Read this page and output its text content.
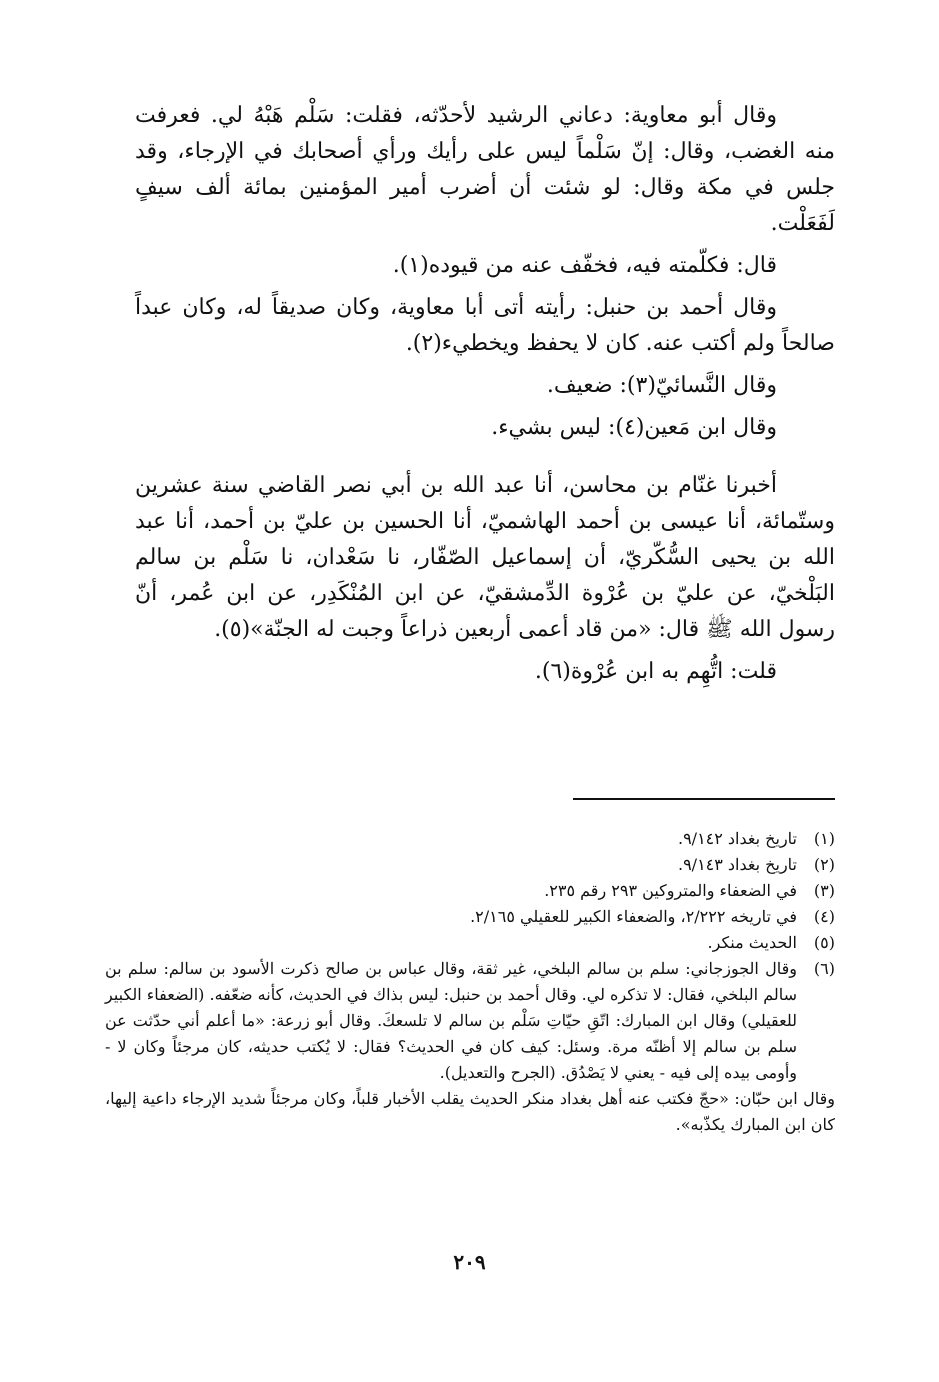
وقال أبو معاوية: دعاني الرشيد لأحدّثه، فقلت: سَلْم هَبْهُ لي. فعرفت منه الغضب، وقال: إنّ سَلْماً ليس على رأيك ورأي أصحابك في الإرجاء، وقد جلس في مكة وقال: لو شئت أن أضرب أمير المؤمنين بمائة ألف سيفٍ لَفَعَلْت.

قال: فكلّمته فيه، فخفّف عنه من قيوده(١).

وقال أحمد بن حنبل: رأيته أتى أبا معاوية، وكان صديقاً له، وكان عبداً صالحاً ولم أكتب عنه. كان لا يحفظ ويخطيء(٢).

وقال النَّسائيّ(٣): ضعيف.

وقال ابن مَعين(٤): ليس بشيء.

أخبرنا غنّام بن محاسن، أنا عبد الله بن أبي نصر القاضي سنة عشرين وستّمائة، أنا عيسى بن أحمد الهاشميّ، أنا الحسين بن عليّ بن أحمد، أنا عبد الله بن يحيى السُّكّريّ، أن إسماعيل الصّفّار، نا سَعْدان، نا سَلْم بن سالم البَلْخيّ، عن عليّ بن عُرْوة الدِّمشقيّ، عن ابن المُنْكَدِر، عن ابن عُمر، أنّ رسول الله ﷺ قال: «من قاد أعمى أربعين ذراعاً وجبت له الجنّة»(٥).

قلت: اتُّهِم به ابن عُرْوة(٦).

(١)
تاريخ بغداد ٩/١٤٢.
(٢)
تاريخ بغداد ٩/١٤٣.
(٣)
في الضعفاء والمتروكين ٢٩٣ رقم ٢٣٥.
(٤)
في تاريخه ٢/٢٢٢، والضعفاء الكبير للعقيلي ٢/١٦٥.
(٥)
الحديث منكر.
(٦)
وقال الجوزجاني: سلم بن سالم البلخي، غير ثقة، وقال عباس بن صالح ذكرت الأسود بن سالم: سلم بن سالم البلخي، فقال: لا تذكره لي. وقال أحمد بن حنبل: ليس بذاك في الحديث، كأنه ضعّفه. (الضعفاء الكبير للعقيلي) وقال ابن المبارك: اتّقِ حيّاتِ سَلْم بن سالم لا تلسعكَ. وقال أبو زرعة: «ما أعلم أني حدّثت عن سلم بن سالم إلا أظنّه مرة. وسئل: كيف كان في الحديث؟ فقال: لا يُكتب حديثه، كان مرجئاً وكان لا - وأومى بيده إلى فيه - يعني لا يَصْدُق. (الجرح والتعديل).

وقال ابن حبّان: «حجّ فكتب عنه أهل بغداد منكر الحديث يقلب الأخبار قلباً، وكان مرجئاً شديد الإرجاء داعية إليها، كان ابن المبارك يكذّبه».

٢٠٩
